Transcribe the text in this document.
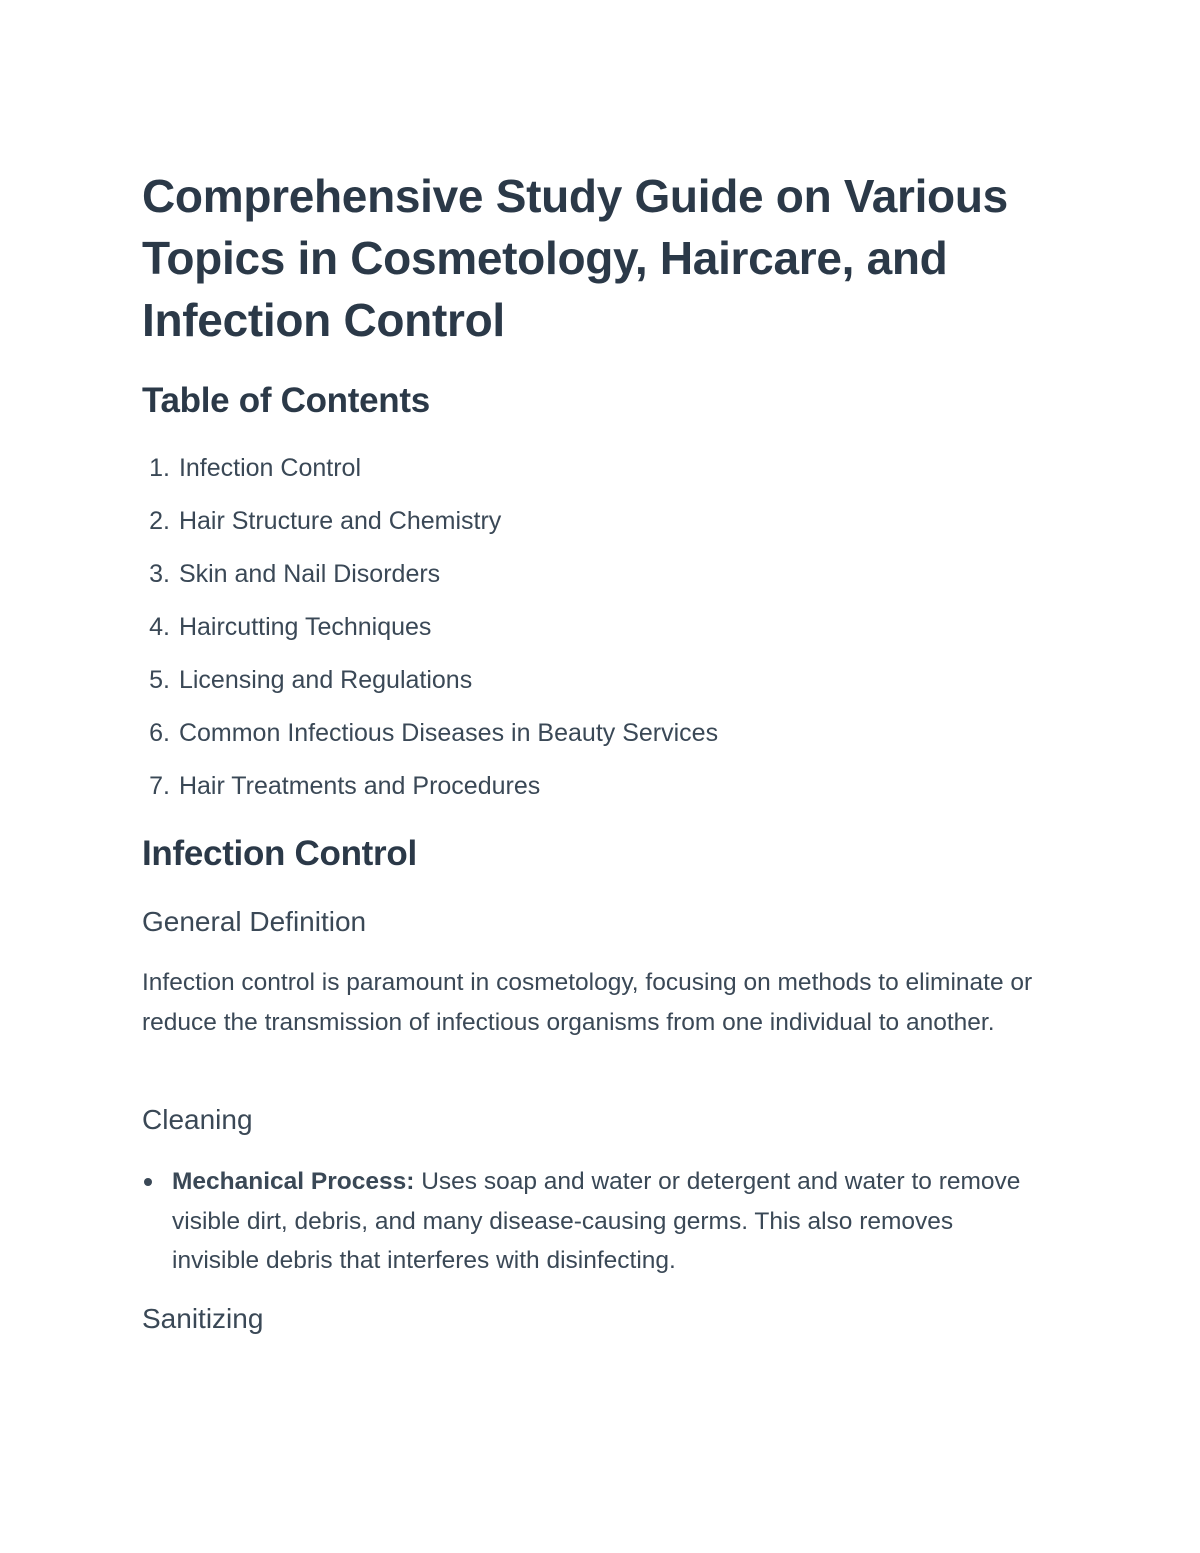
Comprehensive Study Guide on Various Topics in Cosmetology, Haircare, and Infection Control
Table of Contents
1. Infection Control
2. Hair Structure and Chemistry
3. Skin and Nail Disorders
4. Haircutting Techniques
5. Licensing and Regulations
6. Common Infectious Diseases in Beauty Services
7. Hair Treatments and Procedures
Infection Control
General Definition

Infection control is paramount in cosmetology, focusing on methods to eliminate or reduce the transmission of infectious organisms from one individual to another.

Cleaning
Mechanical Process: Uses soap and water or detergent and water to remove visible dirt, debris, and many disease-causing germs. This also removes invisible debris that interferes with disinfecting.
Sanitizing
